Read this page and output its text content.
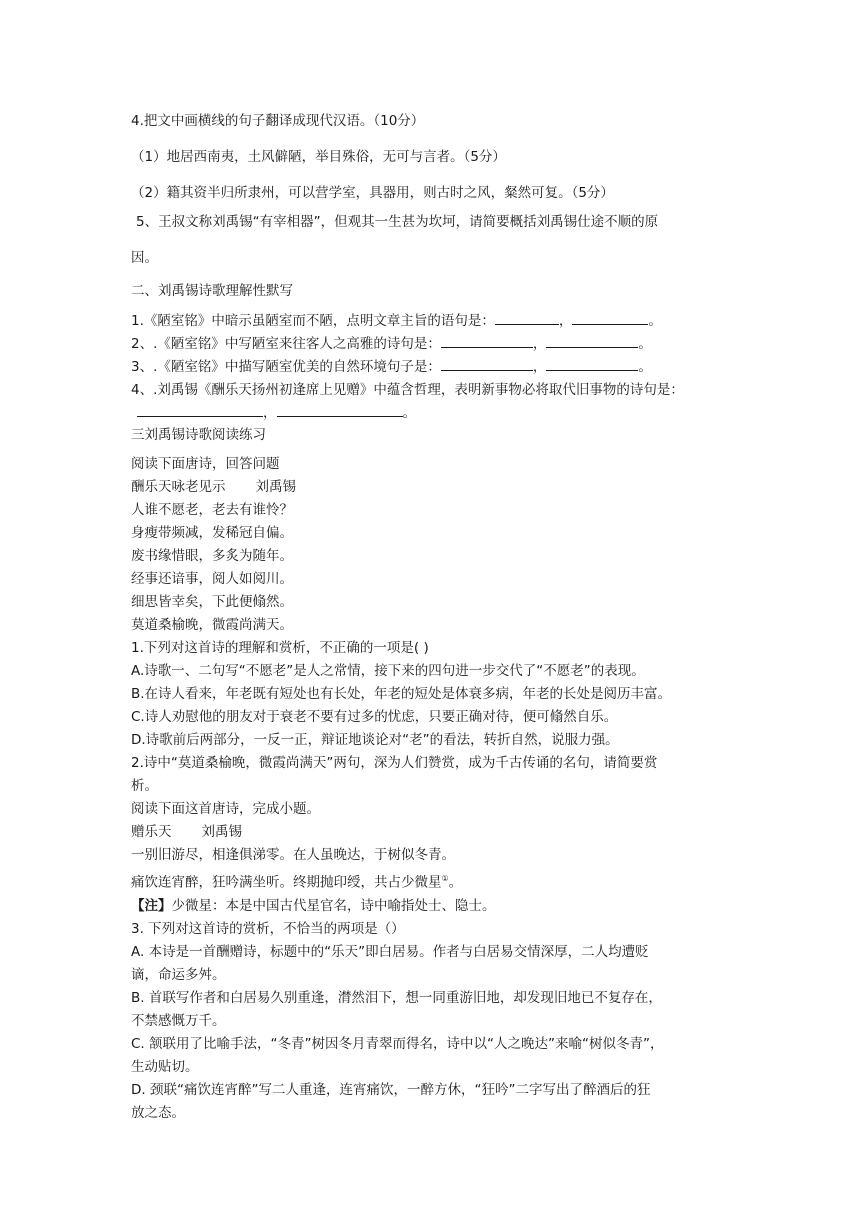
4.把文中画横线的句子翻译成现代汉语。（10分）
（1）地居西南夷，土风僻陋，举目殊俗，无可与言者。（5分）
（2）籍其资半归所隶州，可以营学室，具器用，则古时之风，粲然可复。（5分）
5、王叔文称刘禹锡“有宰相器”，但观其一生甚为坎坷，请简要概括刘禹锡仕途不顺的原
因。
二、刘禹锡诗歌理解性默写
1.《陋室铭》中暗示虽陋室而不陋，点明文章主旨的语句是：	，	。
2、.《陋室铭》中写陋室来往客人之高雅的诗句是：	，	。
3、.《陋室铭》中描写陋室优美的自然环境句子是：	，	。
4、.刘禹锡《酬乐天扬州初逢席上见赠》中蕴含哲理，表明新事物必将取代旧事物的诗句是：
，	。
三刘禹锡诗歌阅读练习
阅读下面唐诗，回答问题
酬乐天咏老见示 刘禹锡
人谁不愿老，老去有谁怜？
身瘦带频减，发稀冠自偏。
废书缘惜眼，多炙为随年。
经事还谙事，阅人如阅川。
细思皆幸矣，下此便翛然。
莫道桑榆晚，微霞尚满天。
1.下列对这首诗的理解和赏析，不正确的一项是( )
A.诗歌一、二句写“不愿老”是人之常情，接下来的四句进一步交代了“不愿老”的表现。
B.在诗人看来，年老既有短处也有长处，年老的短处是体衰多病，年老的长处是阅历丰富。
C.诗人劝慰他的朋友对于衰老不要有过多的忧虑，只要正确对待，便可翛然自乐。
D.诗歌前后两部分，一反一正，辩证地谈论对“老”的看法，转折自然，说服力强。
2.诗中“莫道桑榆晚，微霞尚满天”两句，深为人们赞赏，成为千古传诵的名句，请简要赏
析。
阅读下面这首唐诗，完成小题。
赠乐天 刘禹锡
一别旧游尽，相逢俱涕零。在人虽晚达，于树似冬青。
痛饮连宵醉，狂吟满坐听。终期抛印绶，共占少微星①。
【注】少微星：本是中国古代星官名，诗中喻指处士、隐士。
3. 下列对这首诗的赏析，不恰当的两项是（）
A. 本诗是一首酬赠诗，标题中的“乐天”即白居易。作者与白居易交情深厚，二人均遭贬
谪，命运多舛。
B. 首联写作者和白居易久别重逢，潸然泪下，想一同重游旧地，却发现旧地已不复存在，
不禁感慨万千。
C. 颔联用了比喻手法，“冬青”树因冬月青翠而得名，诗中以“人之晚达”来喻“树似冬青”，
生动贴切。
D. 颈联“痛饮连宵醉”写二人重逢，连宵痛饮，一醉方休，“狂吟”二字写出了醉酒后的狂
放之态。
